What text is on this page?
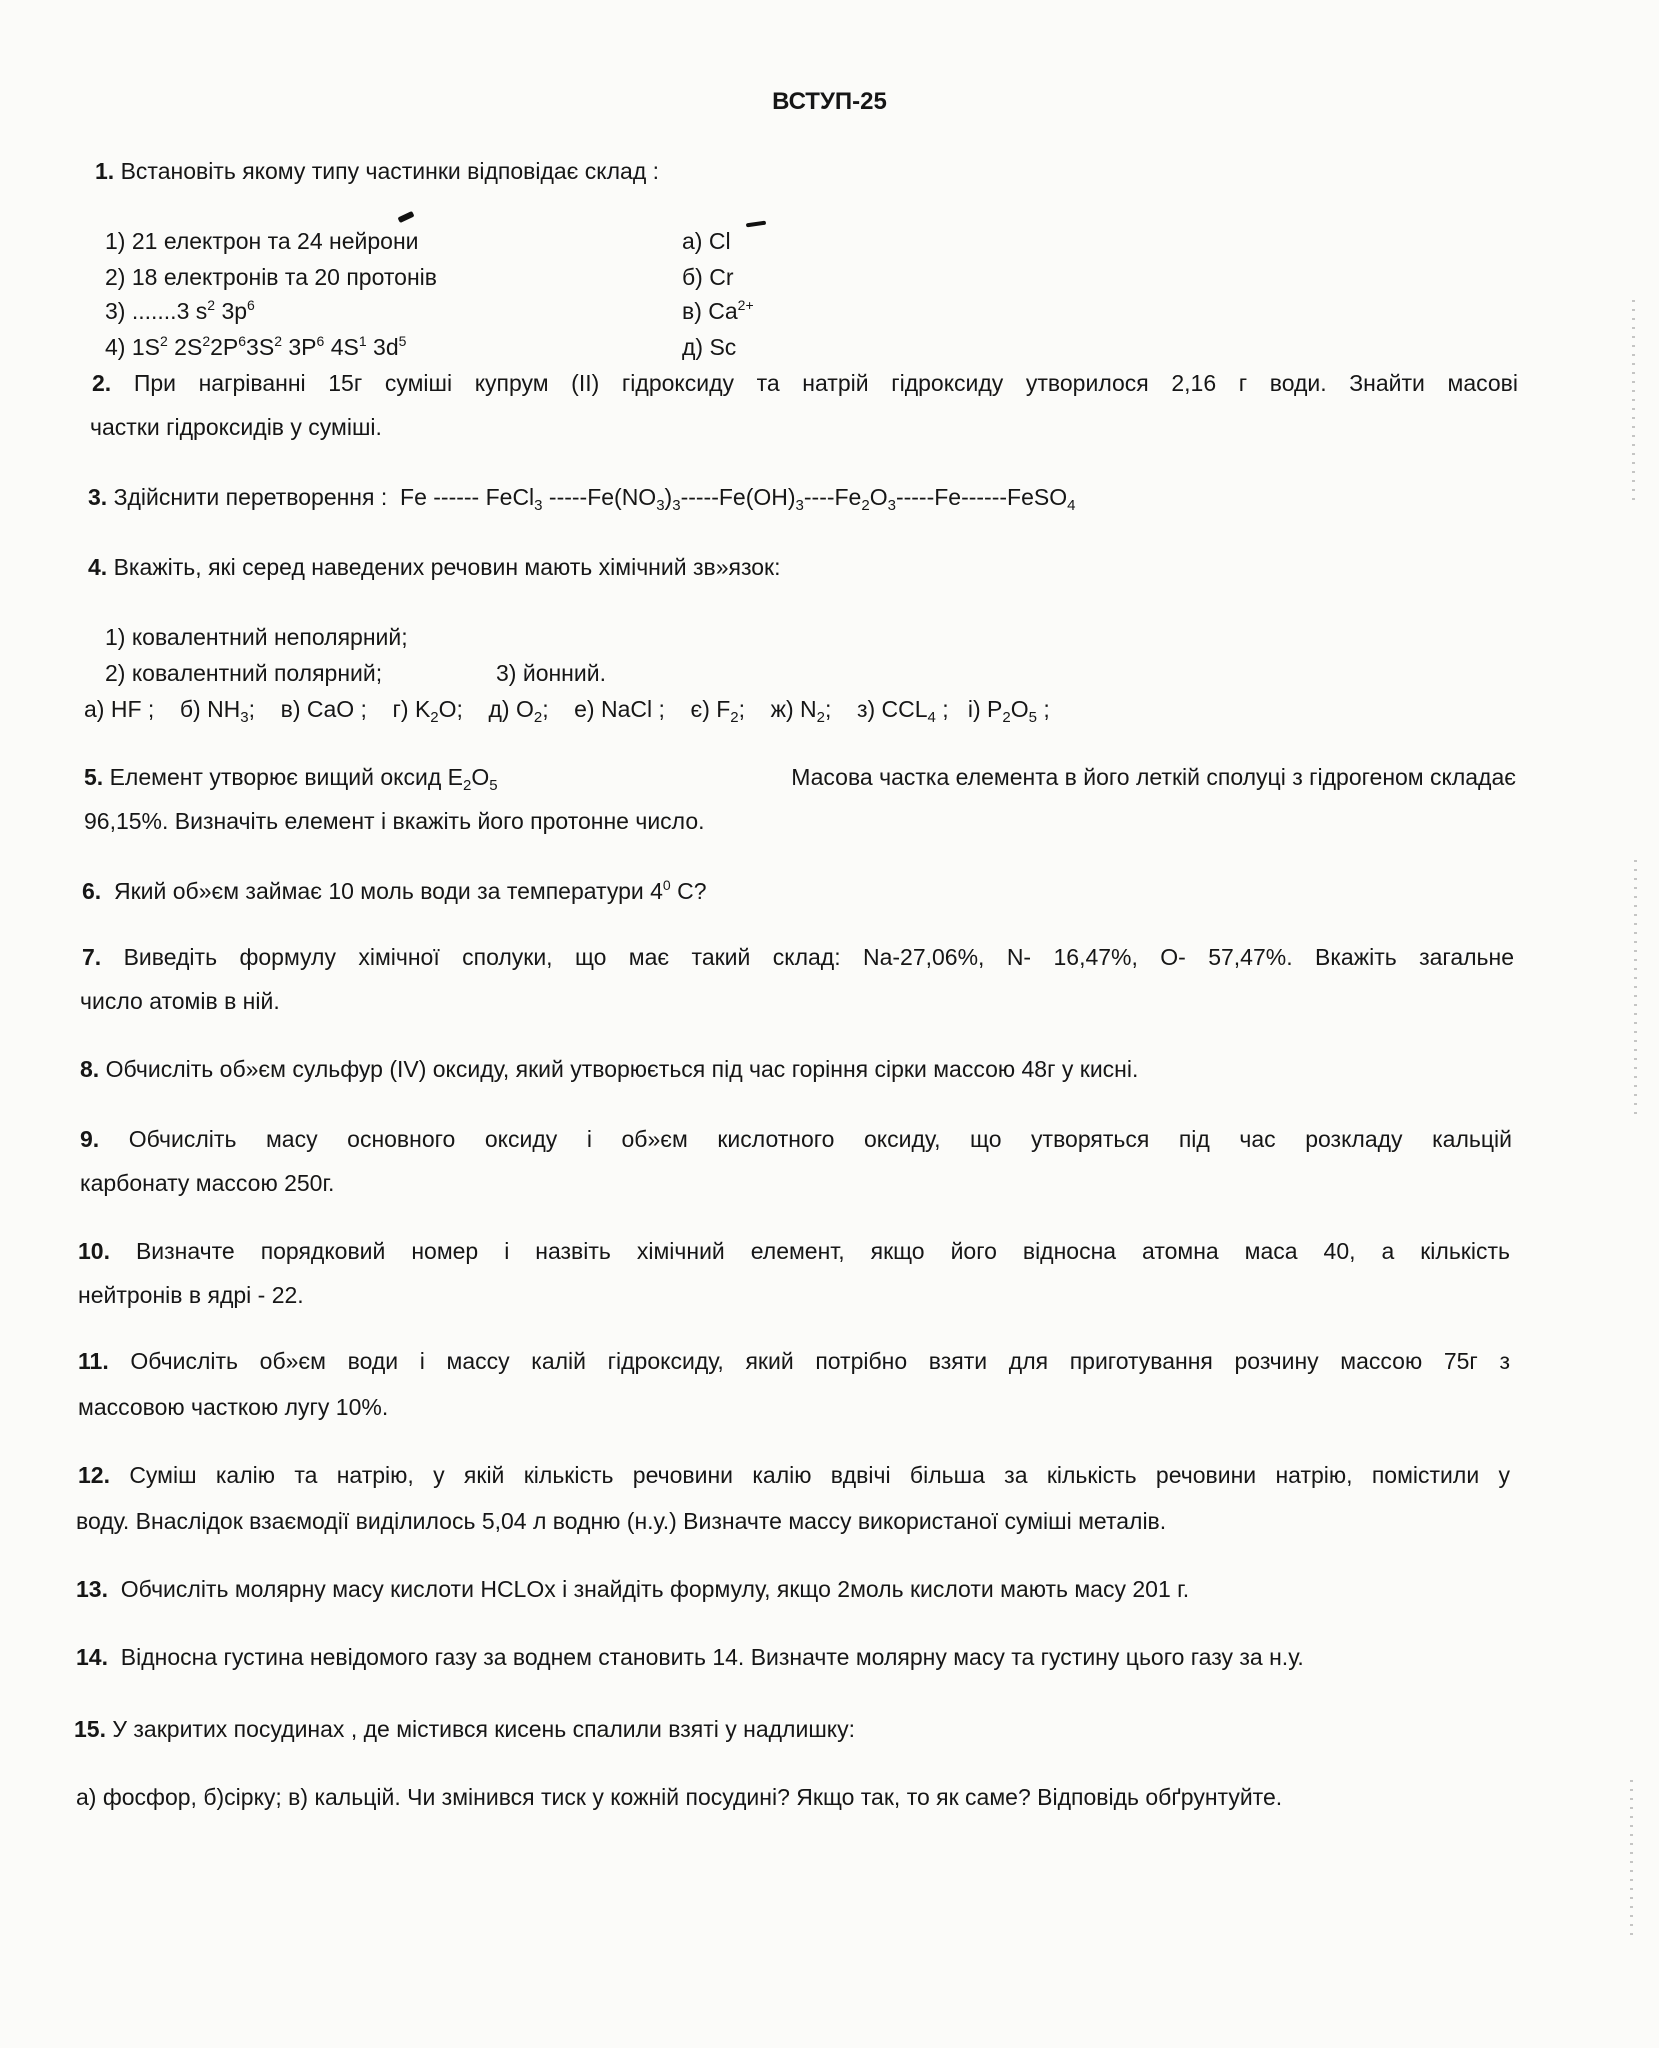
ВСТУП-25
1. Встановіть якому типу частинки відповідає склад :
1) 21 електрон та 24 нейрони
2) 18 електронів та 20 протонів
3) .......3 $s^2$ $3p^6$
4) $1S^2$ $2S^22P^63S^2$ $3P^6$ $4S^1$ $3d^5$
а) Cl
б) Cr
в) $Ca^{2+}$
д) Sc
2. При нагріванні 15г суміші купрум (ІІ) гідроксиду та натрій гідроксиду утворилося 2,16 г води. Знайти масові
частки гідроксидів у суміші.
3. Здійснити перетворення : Fe ------ FeCl$_3$ $-----Fe(NO_3)_3-----Fe(OH)_3----Fe_2O_3-----Fe------FeSO_4$
4. Вкажіть, які серед наведених речовин мають хімічний зв»язок:
1) ковалентний неполярний;
2) ковалентний полярний;	3) йонний.
а) HF ; б) $NH_3$; в) CaO ; г) $K_2O$; д) $O_2$; е) NaCl ; є) $F_2$; ж) $N_2$; з) $CCL_4$ ; і) $P_2O_5$ ;
5. Елемент утворює вищий оксид $E_2O_5$	Масова частка елемента в його леткій сполуці з гідрогеном складає
96,15%. Визначіть елемент і вкажіть його протонне число.
6. Який об»єм займає 10 моль води за температури $4^0$ C?
7. Виведіть формулу хімічної сполуки, що має такий склад: Na-27,06%, N- 16,47%, O- 57,47%. Вкажіть загальне
число атомів в ній.
8. Обчисліть об»єм сульфур (IV) оксиду, який утворюється під час горіння сірки массою 48г у кисні.
9. Обчисліть масу основного оксиду і об»єм кислотного оксиду, що утворяться під час розкладу кальцій
карбонату массою 250г.
10. Визначте порядковий номер і назвіть хімічний елемент, якщо його відносна атомна маса 40, а кількість
нейтронів в ядрі - 22.
11. Обчисліть об»єм води і массу калій гідроксиду, який потрібно взяти для приготування розчину массою 75г з
массовою часткою лугу 10%.
12. Суміш калію та натрію, у якій кількість речовини калію вдвічі більша за кількість речовини натрію, помістили у
воду. Внаслідок взаємодії виділилось 5,04 л водню (н.у.) Визначте массу використаної суміші металів.
13. Обчисліть молярну масу кислоти HCLOx і знайдіть формулу, якщо 2моль кислоти мають масу 201 г.
14. Відносна густина невідомого газу за воднем становить 14. Визначте молярну масу та густину цього газу за н.у.
15. У закритих посудинах , де містився кисень спалили взяті у надлишку:
а) фосфор, б)сірку; в) кальцій. Чи змінився тиск у кожній посудині? Якщо так, то як саме? Відповідь обґрунтуйте.
